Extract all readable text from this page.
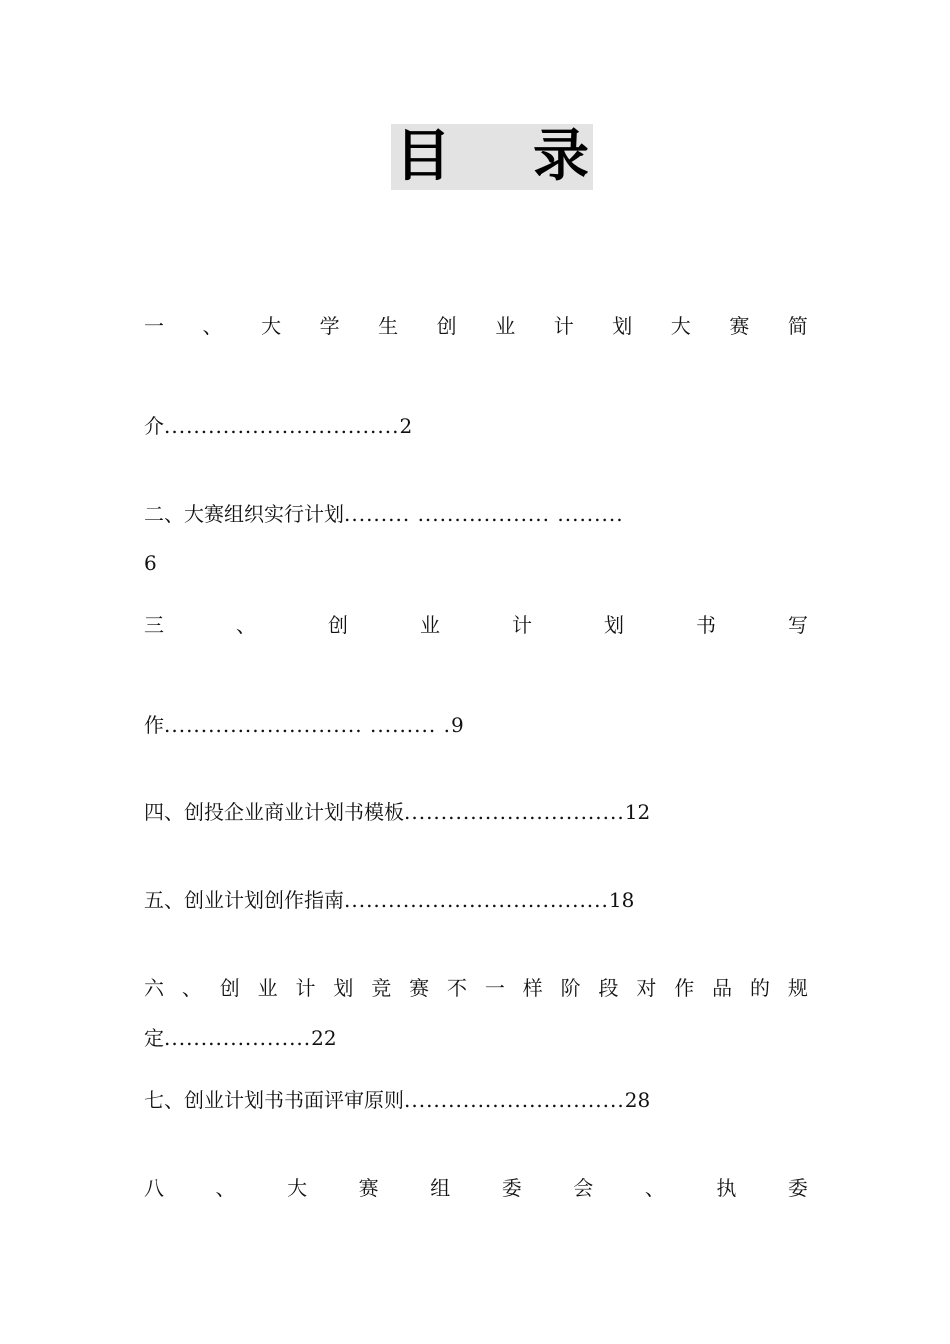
目 录
一 、 大 学 生 创 业 计 划 大 赛 简
介................................2
二、大赛组织实行计划......... .................. .........
6
三	、	创	业	计	划	书	写
作........................... ......... .9
四、创投企业商业计划书模板..............................12
五、创业计划创作指南....................................18
六 、 创 业 计 划 竞 赛 不 一 样 阶 段 对 作 品 的 规
定....................22
七、创业计划书书面评审原则..............................28
八	、	大	赛	组	委	会	、	执	委
